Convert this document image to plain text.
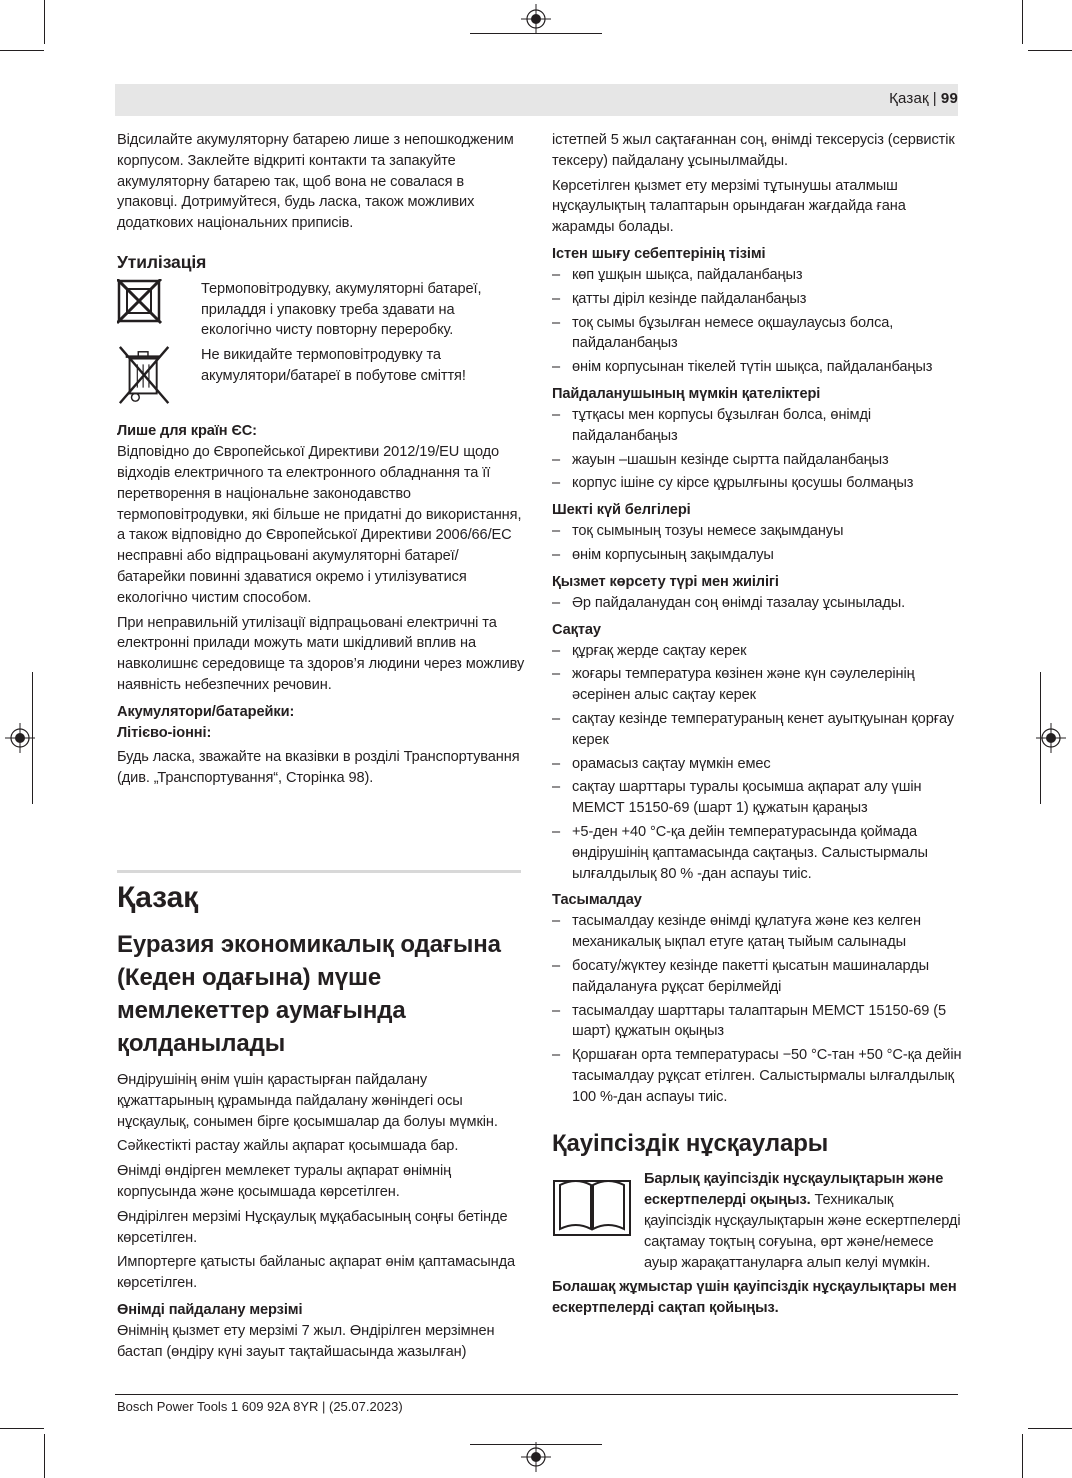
Қазақ | 99

Відсилайте акумуляторну батарею лише з непошкодженим корпусом. Заклейте відкриті контакти та запакуйте акумуляторну батарею так, щоб вона не совалася в упаковці. Дотримуйтеся, будь ласка, також можливих додаткових національних приписів.

Утилізація
Термоповітродувку, акумуляторні батареї, приладдя і упаковку треба здавати на екологічно чисту повторну переробку.
Не викидайте термоповітродувку та акумулятори/батареї в побутове сміття!
Лише для країн ЄС:

Відповідно до Європейської Директиви 2012/19/EU щодо відходів електричного та електронного обладнання та її перетворення в національне законодавство термоповітродувки, які більше не придатні до використання, а також відповідно до Європейської Директиви 2006/66/EC несправні або відпрацьовані акумуляторні батареї/батарейки повинні здаватися окремо і утилізуватися екологічно чистим способом.

При неправильній утилізації відпрацьовані електричні та електронні прилади можуть мати шкідливий вплив на навколишнє середовище та здоров’я людини через можливу наявність небезпечних речовин.

Акумулятори/батарейки:
Літієво-іонні:

Будь ласка, зважайте на вказівки в розділі Транспортування (див. „Транспортування“, Сторінка 98).

Қазақ
Еуразия экономикалық одағына (Кеден одағына) мүше мемлекеттер аумағында қолданылады

Өндірушінің өнім үшін қарастырған пайдалану құжаттарының құрамында пайдалану жөніндегі осы нұсқаулық, сонымен бірге қосымшалар да болуы мүмкін.

Сәйкестікті растау жайлы ақпарат қосымшада бар.

Өнімді өндірген мемлекет туралы ақпарат өнімнің корпусында және қосымшада көрсетілген.

Өндірілген мерзімі Нұсқаулық мұқабасының соңғы бетінде көрсетілген.

Импортерге қатысты байланыс ақпарат өнім қаптамасында көрсетілген.

Өнімді пайдалану мерзімі

Өнімнің қызмет ету мерзімі 7 жыл. Өндірілген мерзімнен бастап (өндіру күні зауыт тақтайшасында жазылған)

істетпей 5 жыл сақтағаннан соң, өнімді тексерусіз (сервистік тексеру) пайдалану ұсынылмайды.

Көрсетілген қызмет ету мерзімі тұтынушы аталмыш нұсқаулықтың талаптарын орындаған жағдайда ғана жарамды болады.

Істен шығу себептерінің тізімі
– көп ұшқын шықса, пайдаланбаңыз
– қатты діріл кезінде пайдаланбаңыз
– тоқ сымы бұзылған немесе оқшаулаусыз болса, пайдаланбаңыз
– өнім корпусынан тікелей түтін шықса, пайдаланбаңыз
Пайдаланушының мүмкін қателіктері
– тұтқасы мен корпусы бұзылған болса, өнімді пайдаланбаңыз
– жауын –шашын кезінде сыртта пайдаланбаңыз
– корпус ішіне су кірсе құрылғыны қосушы болмаңыз
Шекті күй белгілері
– тоқ сымының тозуы немесе зақымдануы
– өнім корпусының зақымдалуы
Қызмет көрсету түрі мен жиілігі
– Әр пайдаланудан соң өнімді тазалау ұсынылады.
Сақтау
– құрғақ жерде сақтау керек
– жоғары температура көзінен және күн сәулелерінің әсерінен алыс сақтау керек
– сақтау кезінде температураның кенет ауытқуынан қорғау керек
– орамасыз сақтау мүмкін емес
– сақтау шарттары туралы қосымша ақпарат алу үшін МЕМСТ 15150-69 (шарт 1) құжатын қараңыз
– +5-ден +40 °C-қа дейін температурасында қоймада өндірушінің қаптамасында сақтаңыз. Салыстырмалы ылғалдылық 80 % -дан аспауы тиіс.
Тасымалдау
– тасымалдау кезінде өнімді құлатуға және кез келген механикалық ықпал етуге қатаң тыйым салынады
– босату/жүктеу кезінде пакетті қысатын машиналарды пайдалануға рұқсат берілмейді
– тасымалдау шарттары талаптарын МЕМСТ 15150-69 (5 шарт) құжатын оқыңыз
– Қоршаған орта температурасы −50 °C-тан +50 °C-қа дейін тасымалдау рұқсат етілген. Салыстырмалы ылғалдылық 100 %-дан аспауы тиіс.
Қауіпсіздік нұсқаулары

Барлық қауіпсіздік нұсқаулықтарын және ескертпелерді оқыңыз. Техникалық қауіпсіздік нұсқаулықтарын және ескертпелерді сақтамау тоқтың соғуына, өрт және/немесе ауыр жарақаттануларға алып келуі мүмкін.

Болашақ жұмыстар үшін қауіпсіздік нұсқаулықтары мен ескертпелерді сақтап қойыңыз.

Bosch Power Tools 1 609 92A 8YR | (25.07.2023)
